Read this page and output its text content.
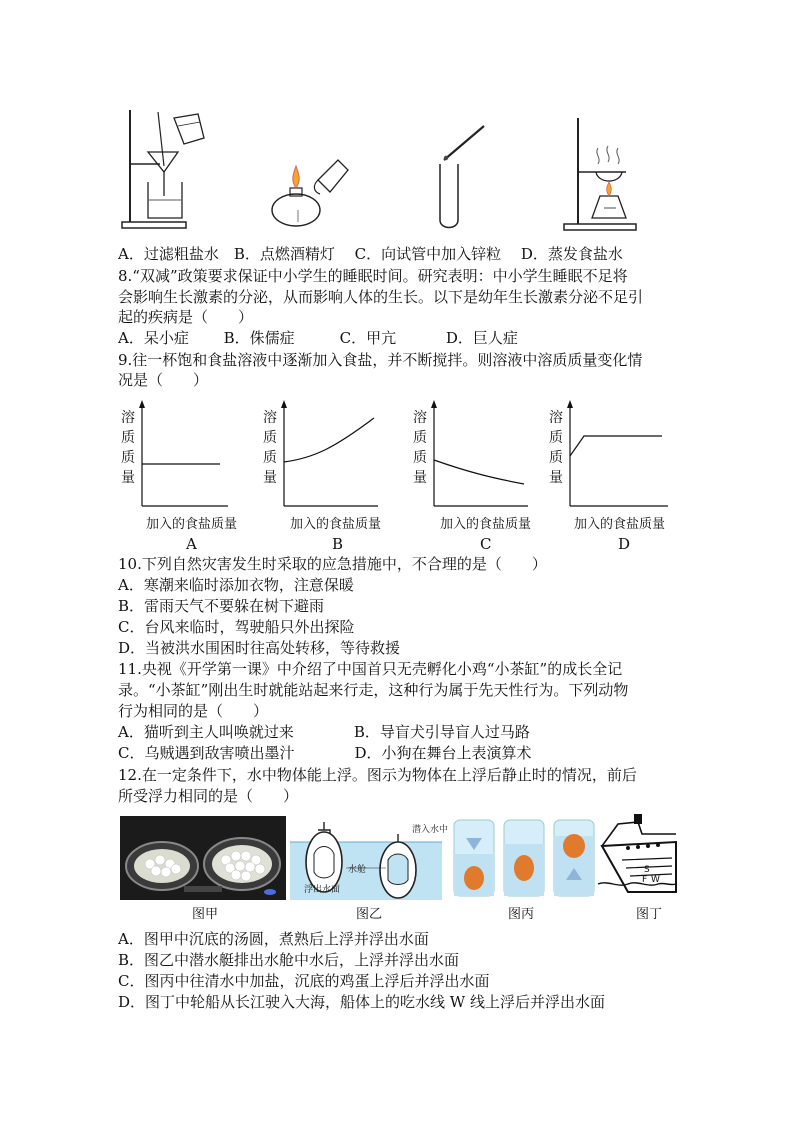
A．过滤粗盐水　B．点燃酒精灯　 C．向试管中加入锌粒　 D．蒸发食盐水
8.“双减”政策要求保证中小学生的睡眠时间。研究表明：中小学生睡眠不足将
会影响生长激素的分泌，从而影响人体的生长。以下是幼年生长激素分泌不足引
起的疾病是（　　）
A．呆小症　　 B．侏儒症　　　C．甲亢　　　 D．巨人症
9.往一杯饱和食盐溶液中逐渐加入食盐，并不断搅拌。则溶液中溶质质量变化情
况是（　　）
溶
质
质
量
加入的食盐质量
A
溶
质
质
量
加入的食盐质量
B
溶
质
质
量
加入的食盐质量
C
溶
质
质
量
加入的食盐质量
D
10.下列自然灾害发生时采取的应急措施中，不合理的是（　　）
A．寒潮来临时添加衣物，注意保暖
B．雷雨天气不要躲在树下避雨
C．台风来临时，驾驶船只外出探险
D．当被洪水围困时往高处转移，等待救援
11.央视《开学第一课》中介绍了中国首只无壳孵化小鸡“小茶缸”的成长全记
录。“小茶缸”刚出生时就能站起来行走，这种行为属于先天性行为。下列动物
行为相同的是（　　）
A．猫听到主人叫唤就过来　　　　B．导盲犬引导盲人过马路
C．乌贼遇到敌害喷出墨汁　　　　D．小狗在舞台上表演算术
12.在一定条件下，水中物体能上浮。图示为物体在上浮后静止时的情况，前后
所受浮力相同的是（　　）
潜入水中
水舱
浮出水面
S
F W
图甲	图乙	图丙	图丁
A．图甲中沉底的汤圆，煮熟后上浮并浮出水面
B．图乙中潜水艇排出水舱中水后，上浮并浮出水面
C．图丙中往清水中加盐，沉底的鸡蛋上浮后并浮出水面
D．图丁中轮船从长江驶入大海，船体上的吃水线 W 线上浮后并浮出水面
